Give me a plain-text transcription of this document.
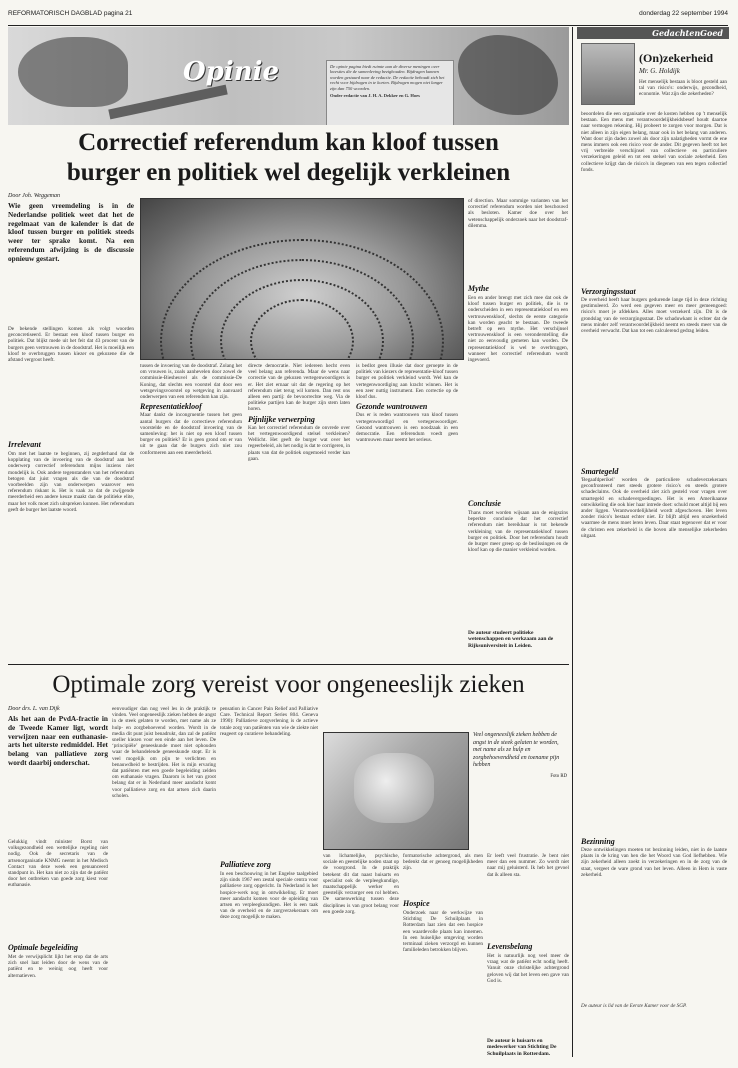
REFORMATORISCH DAGBLAD pagina 21	donderdag 22 september 1994
Opinie	De opinie pagina biedt ruimte aan de diverse meningen over kwesties die de samenleving bezighouden. Bijdragen kunnen worden gestuurd naar de redactie. De redactie behoudt zich het recht voor bijdragen in te korten. Bijdragen mogen niet langer zijn dan 750 woorden.
Onder redactie van J. H. A. Dekker en G. Hoes
Correctief referendum kan kloof tussen
burger en politiek wel degelijk verkleinen
Door Joh. Weggeman
Wie geen vreemdeling is in de Nederlandse politiek weet dat het de regelmaat van de kalender is dat de kloof tussen burger en politiek steeds weer ter sprake komt. Na een referendum afwijzing is de discussie opnieuw gestart.
De bekende stellingen komen als volgt woorden geconcretiseerd. Er bestaat een kloof tussen burger en politiek. Dat blijkt mede uit het feit dat 43 procent van de burgers geen vertrouwen in de doodstraf. Het is moeilijk een kloof te overbruggen tussen kiezer en gekozene die de afstand vergroot heeft.
Irrelevant
Om met het laatste te beginnen, zij zegtderhand dat de kopplating van de invoering van de doodstraf aan het onderwerp correctief referendum mijns inziens niet mondelijk is. Ook andere tegenstanders van het referendum betogen dat juist vragen als die van de doodstraf voorbeelden zijn van onderwerpen waarover een referendum riskant is. Het is vaak zo dat de zwijgende meerderheid een andere keuze maakt dan de politieke elite, maar het volk moet zich uitspreken kunnen. Het referendum geeft de burger het laatste woord.
tussen de invoering van de doodstraf. Zolang het om vrouwen is, zoals aanhevelen door zowel de commissie-Biesheuvel als de commissie-De Koning, dat slechts een voorstel dat door een wetsgevingsvoorstel op wetgeving in aanvaard onderwerpen van een referendum kan zijn.
Representatiekloof
Maar dankt de incongruentie tussen het geen aantal burgers dat de correctieve referendum voorstelde en de doodstraf invoering van de samenleving: het is niet op een kloof tussen burger en politiek? Er is geen grond om er van uit te gaan dat de burgers zich niet zou conformeren aan een meerderheid.
directe democratie. Niet iedereen hecht even veel belang aan referenda. Maar de wens naar correctie van de gekozen vertegenwoordigers is er. Het ziet ernaar uit dat de regering op het referendum niet terug wil komen. Dan rest ons alleen een partij: de bevoorrechte weg. Via de politieke partijen kan de burger zijn stem laten horen.
Pijnlijke verwerping
Kan het correctief referendum de onvrede over het vertegenwoordigend stelsel verkleinen? Wellicht. Het geeft de burger wat over het regeerbeleid, als het nodig is dat te corrigeren, in plaats van dat de politiek ongemoeid verder kan gaan.
is bedlot geen illusie dat door geroepte in de politiek van kiezers de representatie-kloof tussen burger en politiek verkleind wordt. Wel kan de vertegenwoordiging aan kracht winnen. Het is een zeer nuttig instrument. Een correctie op de kloof dus.
Gezonde wantrouwen
Dus er is reden wantrouwen van kloof tussen vertegenwoordigd en vertegenwoordiger. Gezond wantrouwen is een noodzaak in een democratie. Een referendum voedt geen wantrouwen maar neemt het serieus.
of direction. Maar sommige varianten van het correctief referendum worden niet beschouwd als besloten. Kamer doe over het wetenschappelijk onderzoek naar het doodstraf-dilemma.
Mythe
Een en ander brengt met zich mee dat ook de kloof tussen burger en politiek, die is te onderscheiden in een representatiekloof en een vertrouwenskloof, slechts de eerste categorie kan worden geacht te bestaan. De tweede betreft op een mythe. Het verschijnsel vertrouwenskloof is een veronderstelling die niet zo eenvoudig gemeten kan worden. De representatiekloof is wel te overbruggen, wanneer het correctief referendum wordt ingevoerd.
Conclusie
Thans moet worden wijsaan aan de enigszins beperkte conclusie dat het correctief referendum niet bereikbaar is tot bekende verkleining van de representatiekloof tussen burger en politiek. Door het referendum houdt de burger meer greep op de beslissingen en de kloof kan op die manier verkleind worden.
De auteur studeert politieke wetenschappen en werkzaam aan de Rijksuniversiteit in Leiden.
Optimale zorg vereist voor ongeneeslijk zieken
Door drs. L. van Dijk
Als het aan de PvdA-fractie in de Tweede Kamer ligt, wordt verwijzen naar een euthanasie-arts het uiterste redmiddel. Het belang van palliatieve zorg wordt daarbij onderschat.
Gelukkig vindt minister Borst van volksgezondheid een wettelijke regeling niet nodig. Ook de secretaris van de artsenorganisatie KNMG neemt in het Medisch Contact van deze week een genuanceerd standpunt in. Het kan niet zo zijn dat de patiënt door het ontbreken van goede zorg kiest voor euthanasie.
Optimale begeleiding
Met de verwijsplicht lijkt het erop dat de arts zich snel laat leiden door de wens van de patiënt en te weinig oog heeft voor alternatieven.
eenvoudiger dan nog veel les in de praktijk te vinden. Veel ongeneeslijk zieken hebben de angst in de steek gelaten te worden, met name als ze hulp- en zorgbehoevend worden. Wordt in de media dit punt juist benadrukt, dan zal de patiënt sneller kiezen voor een einde aan het leven. De ‘principiële’ geneeskunde moet niet ophouden waar de behandelende geneeskunde stopt. Er is veel mogelijk om pijn te verlichten en benauwdheid te bestrijden. Het is mijn ervaring dat patiënten met een goede begeleiding zelden om euthanasie vragen. Daarom is het van groot belang dat er in Nederland meer aandacht komt voor palliatieve zorg en dat artsen zich daarin scholen.
pensation in Cancer Pain Relief and Palliative Care. Technical Report Series 804. Geneva 1990): Palliatieve zorgverlening is de actieve totale zorg van patiënten van wie de ziekte niet reageert op curatieve behandeling.
Palliatieve zorg
In een beschouwing in het Engelse taalgebied zijn sinds 1967 een zestal speciale centra voor palliatieve zorg opgericht. In Nederland is het hospice-werk nog in ontwikkeling. Er moet meer aandacht komen voor de opleiding van artsen en verpleegkundigen. Het is een taak van de overheid en de zorgverzekeraars om deze zorg mogelijk te maken.
Veel ongeneeslijk zieken hebben de angst in de steek gelaten te worden, met name als ze hulp en zorgbehoevendheid en toename pijn hebben
Foto RD
van lichamelijke, psychische, sociale en geestelijke noden staat op de voorgrond. In de praktijk betekent dit dat naast huisarts en specialist ook de verpleegkundige, maatschappelijk werker en geestelijk verzorger een rol hebben. De samenwerking tussen deze disciplines is van groot belang voor een goede zorg.
formatorische achtergrond, als men bedenkt dat er genoeg mogelijkheden zijn.
Hospice
Onderzoek naar de werkwijze van Stichting De Schuilplaats in Rotterdam laat zien dat een hospice een waardevolle plaats kan innemen. In een huiselijke omgeving worden terminaal zieken verzorgd en kunnen familieleden betrokken blijven.
Er leeft veel frustratie. Je bent niet meer dan een nummer. Zo wordt niet naar mij geluisterd. Ik heb het gevoel dat ik alleen sta.
Levensbelang
Het is natuurlijk nog veel meer de vraag wat de patiënt echt nodig heeft. Vanuit onze christelijke achtergrond geloven wij dat het leven een gave van God is.
De auteur is huisarts en medewerker van Stichting De Schuilplaats in Rotterdam.
GedachtenGoed
(On)zekerheid
Mr. G. Holdijk
Het menselijk bestaan is bloot gesteld aan tal van risico's: onderwijs, gezondheid, economie. Wat zijn die zekerheden?
beoordelen die een organisatie over de kosten hebben op 't menselijk bestaan. Een mens met verantwoordelijkheidsbesef houdt daartoe naar vermogen rekening. Hij probeert te zorgen voor morgen. Dat is niet alleen in zijn eigen belang, maar ook in het belang van anderen. Want door zijn daden zowel als door zijn nalatigheden vormt de ene mens immers ook een risico voor de ander. Dit gegeven heeft tot het vrij verbreide verschijnsel van collectieve en particuliere verzekeringen geleid en tot een stelsel van sociale zekerheid. Een collectieve krijgt dan de risico's in diegenen van een tegen collectief fonds.
Verzorgingsstaat
De overheid heeft haar burgers gedurende lange tijd in deze richting gestimuleerd. Zo werd een gegeven meer en meer gemeengoed: risico's moet je afdekken. Alles moet verzekerd zijn. Dit is de grondslag van de verzorgingsstaat. De schaduwkant is echter dat de mens minder zelf verantwoordelijkheid neemt en steeds meer van de overheid verwacht. Dat kan tot een calculerend gedrag leiden.
Smartegeld
'Begaafdperikel' worden de particuliere schadeverzekeraars geconfronteerd met steeds grotere risico's en steeds grotere schadeclaims. Ook de overheid ziet zich gesteld voor vragen over smartegeld en schadevergoedingen. Het is een Amerikaanse ontwikkeling die ook hier haar intrede doet: schuld moet altijd bij een ander liggen. Verantwoordelijkheid wordt afgeschoven. Het leven zonder risico's bestaat echter niet. Er blijft altijd een onzekerheid waarmee de mens moet leren leven. Daar staat tegenover dat er voor de christen een zekerheid is die boven alle menselijke zekerheden uitgaat.
Bezinning
Deze ontwikkelingen moeten tot bezinning leiden, niet in de laatste plaats in de kring van hen die het Woord van God liefhebben. Wie zijn zekerheid alleen zoekt in verzekeringen en in de zorg van de staat, vergeet de ware grond van het leven. Alleen in Hem is vaste zekerheid.
De auteur is lid van de Eerste Kamer voor de SGP.
